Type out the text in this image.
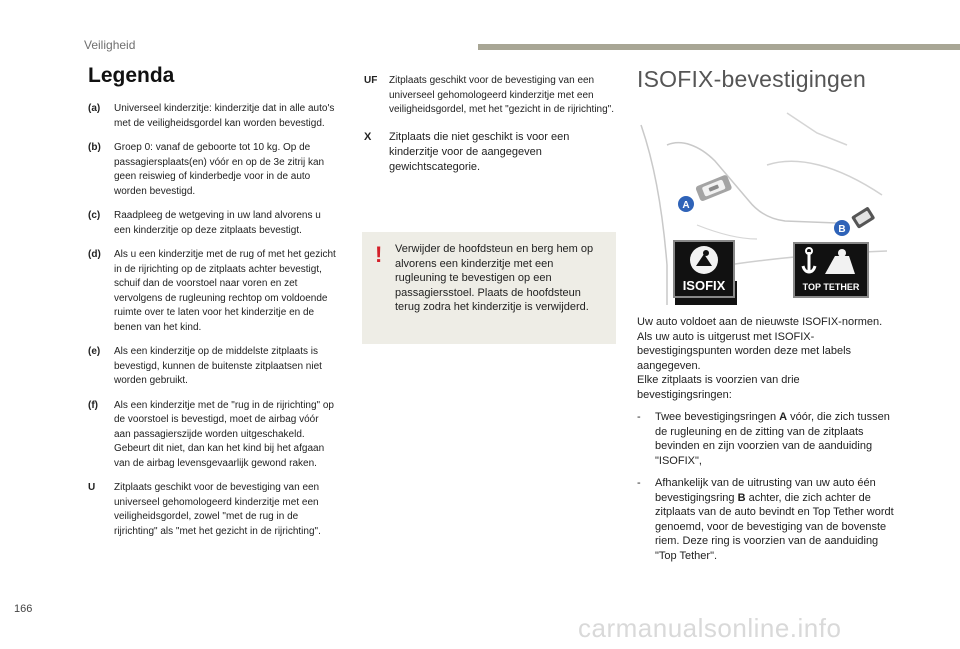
Veiligheid
Legenda
(a)	Universeel kinderzitje: kinderzitje dat in alle auto's met de veiligheidsgordel kan worden bevestigd.
(b)	Groep 0: vanaf de geboorte tot 10 kg. Op de passagiersplaats(en) vóór en op de 3e zitrij kan geen reiswieg of kinderbedje voor in de auto worden bevestigd.
(c)	Raadpleeg de wetgeving in uw land alvorens u een kinderzitje op deze zitplaats bevestigt.
(d)	Als u een kinderzitje met de rug of met het gezicht in de rijrichting op de zitplaats achter bevestigt, schuif dan de voorstoel naar voren en zet vervolgens de rugleuning rechtop om voldoende ruimte over te laten voor het kinderzitje en de benen van het kind.
(e)	Als een kinderzitje op de middelste zitplaats is bevestigd, kunnen de buitenste zitplaatsen niet worden gebruikt.
(f)	Als een kinderzitje met de "rug in de rijrichting" op de voorstoel is bevestigd, moet de airbag vóór aan passagierszijde worden uitgeschakeld. Gebeurt dit niet, dan kan het kind bij het afgaan van de airbag levensgevaarlijk gewond raken.
U	Zitplaats geschikt voor de bevestiging van een universeel gehomologeerd kinderzitje met een veiligheidsgordel, zowel "met de rug in de rijrichting" als "met het gezicht in de rijrichting".
UF	Zitplaats geschikt voor de bevestiging van een universeel gehomologeerd kinderzitje met een veiligheidsgordel, met het "gezicht in de rijrichting".
X	Zitplaats die niet geschikt is voor een kinderzitje voor de aangegeven gewichtscategorie.
! Verwijder de hoofdsteun en berg hem op alvorens een kinderzitje met een rugleuning te bevestigen op een passagiersstoel. Plaats de hoofdsteun terug zodra het kinderzitje is verwijderd.
ISOFIX-bevestigingen
A
B

Uw auto voldoet aan de nieuwste ISOFIX-normen.

Als uw auto is uitgerust met ISOFIX-bevestigingspunten worden deze met labels aangegeven.

Elke zitplaats is voorzien van drie bevestigingsringen:

-	Twee bevestigingsringen A vóór, die zich tussen de rugleuning en de zitting van de zitplaats bevinden en zijn voorzien van de aanduiding "ISOFIX",
-	Afhankelijk van de uitrusting van uw auto één bevestigingsring B achter, die zich achter de zitplaats van de auto bevindt en Top Tether wordt genoemd, voor de bevestiging van de bovenste riem. Deze ring is voorzien van de aanduiding "Top Tether".
ISOFIX	TOP TETHER
166
carmanualsonline.info
